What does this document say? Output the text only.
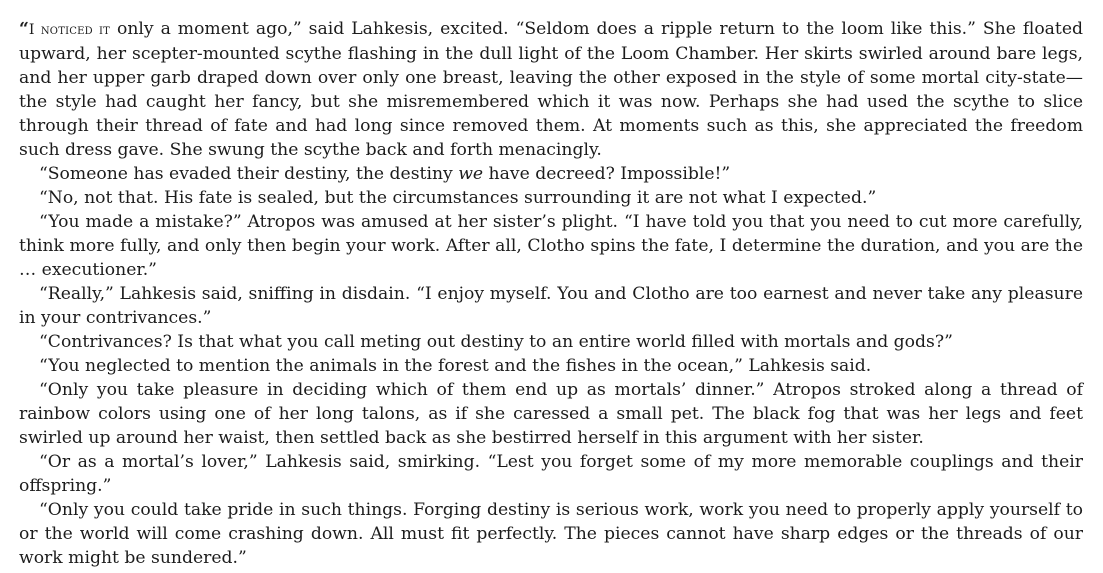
“I noticed it only a moment ago,” said Lahkesis, excited. “Seldom does a ripple return to the loom like this.” She floated upward, her scepter-mounted scythe flashing in the dull light of the Loom Chamber. Her skirts swirled around bare legs, and her upper garb draped down over only one breast, leaving the other exposed in the style of some mortal city-state—the style had caught her fancy, but she misremembered which it was now. Perhaps she had used the scythe to slice through their thread of fate and had long since removed them. At moments such as this, she appreciated the freedom such dress gave. She swung the scythe back and forth menacingly.

“Someone has evaded their destiny, the destiny we have decreed? Impossible!”

“No, not that. His fate is sealed, but the circumstances surrounding it are not what I expected.”

“You made a mistake?” Atropos was amused at her sister’s plight. “I have told you that you need to cut more carefully, think more fully, and only then begin your work. After all, Clotho spins the fate, I determine the duration, and you are the … executioner.”

“Really,” Lahkesis said, sniffing in disdain. “I enjoy myself. You and Clotho are too earnest and never take any pleasure in your contrivances.”

“Contrivances? Is that what you call meting out destiny to an entire world filled with mortals and gods?”

“You neglected to mention the animals in the forest and the fishes in the ocean,” Lahkesis said.

“Only you take pleasure in deciding which of them end up as mortals’ dinner.” Atropos stroked along a thread of rainbow colors using one of her long talons, as if she caressed a small pet. The black fog that was her legs and feet swirled up around her waist, then settled back as she bestirred herself in this argument with her sister.

“Or as a mortal’s lover,” Lahkesis said, smirking. “Lest you forget some of my more memorable couplings and their offspring.”

“Only you could take pride in such things. Forging destiny is serious work, work you need to properly apply yourself to or the world will come crashing down. All must fit perfectly. The pieces cannot have sharp edges or the threads of our work might be sundered.”
